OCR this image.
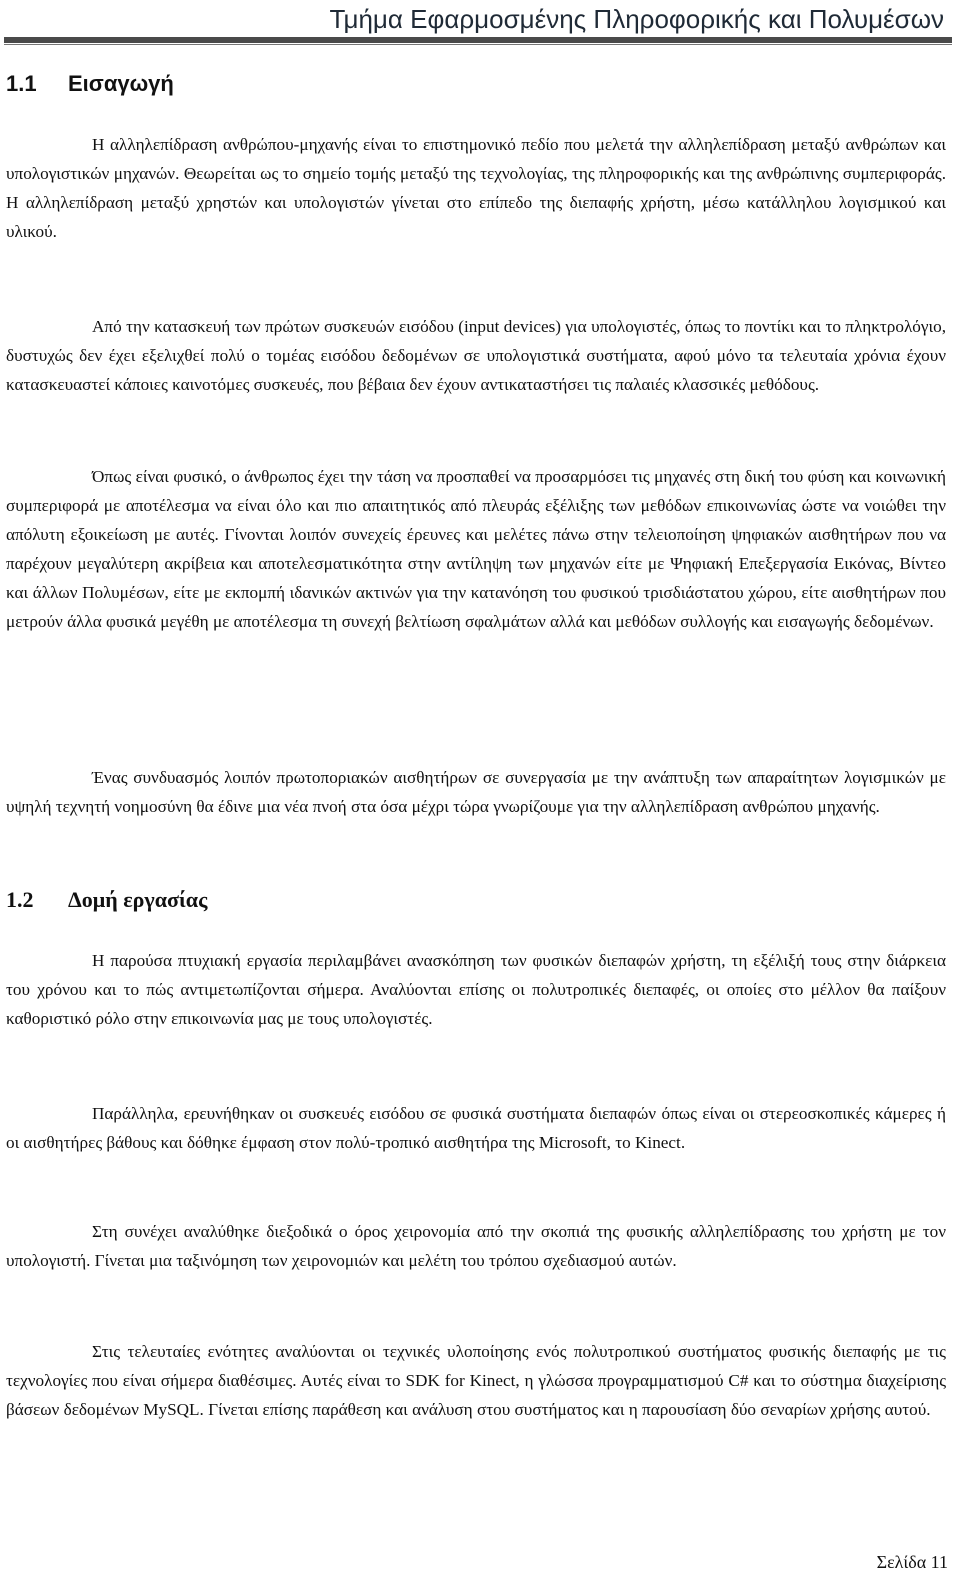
Τμήμα Εφαρμοσμένης Πληροφορικής και Πολυμέσων
1.1 Εισαγωγή

Η αλληλεπίδραση ανθρώπου-μηχανής είναι το επιστημονικό πεδίο που μελετά την αλληλεπίδραση μεταξύ ανθρώπων και υπολογιστικών μηχανών. Θεωρείται ως το σημείο τομής μεταξύ της τεχνολογίας, της πληροφορικής και της ανθρώπινης συμπεριφοράς. Η αλληλεπίδραση μεταξύ χρηστών και υπολογιστών γίνεται στο επίπεδο της διεπαφής χρήστη, μέσω κατάλληλου λογισμικού και υλικού.

Από την κατασκευή των πρώτων συσκευών εισόδου (input devices) για υπολογιστές, όπως το ποντίκι και το πληκτρολόγιο, δυστυχώς δεν έχει εξελιχθεί πολύ ο τομέας εισόδου δεδομένων σε υπολογιστικά συστήματα, αφού μόνο τα τελευταία χρόνια έχουν κατασκευαστεί κάποιες καινοτόμες συσκευές, που βέβαια δεν έχουν αντικαταστήσει τις παλαιές κλασσικές μεθόδους.

Όπως είναι φυσικό, ο άνθρωπος έχει την τάση να προσπαθεί να προσαρμόσει τις μηχανές στη δική του φύση και κοινωνική συμπεριφορά με αποτέλεσμα να είναι όλο και πιο απαιτητικός από πλευράς εξέλιξης των μεθόδων επικοινωνίας ώστε να νοιώθει την απόλυτη εξοικείωση με αυτές. Γίνονται λοιπόν συνεχείς έρευνες και μελέτες πάνω στην τελειοποίηση ψηφιακών αισθητήρων που να παρέχουν μεγαλύτερη ακρίβεια και αποτελεσματικότητα στην αντίληψη των μηχανών είτε με Ψηφιακή Επεξεργασία Εικόνας, Βίντεο και άλλων Πολυμέσων, είτε με εκπομπή ιδανικών ακτινών για την κατανόηση του φυσικού τρισδιάστατου χώρου, είτε αισθητήρων που μετρούν άλλα φυσικά μεγέθη με αποτέλεσμα τη συνεχή βελτίωση σφαλμάτων αλλά και μεθόδων συλλογής και εισαγωγής δεδομένων.

Ένας συνδυασμός λοιπόν πρωτοποριακών αισθητήρων σε συνεργασία με την ανάπτυξη των απαραίτητων λογισμικών με υψηλή τεχνητή νοημοσύνη θα έδινε μια νέα πνοή στα όσα μέχρι τώρα γνωρίζουμε για την αλληλεπίδραση ανθρώπου μηχανής.

1.2 Δομή εργασίας

Η παρούσα πτυχιακή εργασία περιλαμβάνει ανασκόπηση των φυσικών διεπαφών χρήστη, τη εξέλιξή τους στην διάρκεια του χρόνου και το πώς αντιμετωπίζονται σήμερα. Αναλύονται επίσης οι πολυτροπικές διεπαφές, οι οποίες στο μέλλον θα παίξουν καθοριστικό ρόλο στην επικοινωνία μας με τους υπολογιστές.

Παράλληλα, ερευνήθηκαν οι συσκευές εισόδου σε φυσικά συστήματα διεπαφών όπως είναι οι στερεοσκοπικές κάμερες ή οι αισθητήρες βάθους και δόθηκε έμφαση στον πολύ-τροπικό αισθητήρα της Microsoft, το Kinect.

Στη συνέχει αναλύθηκε διεξοδικά ο όρος χειρονομία από την σκοπιά της φυσικής αλληλεπίδρασης του χρήστη με τον υπολογιστή. Γίνεται μια ταξινόμηση των χειρονομιών και μελέτη του τρόπου σχεδιασμού αυτών.

Στις τελευταίες ενότητες αναλύονται οι τεχνικές υλοποίησης ενός πολυτροπικού συστήματος φυσικής διεπαφής με τις τεχνολογίες που είναι σήμερα διαθέσιμες. Αυτές είναι το SDK for Kinect, η γλώσσα προγραμματισμού C# και το σύστημα διαχείρισης βάσεων δεδομένων MySQL. Γίνεται επίσης παράθεση και ανάλυση στου συστήματος και η παρουσίαση δύο σεναρίων χρήσης αυτού.

Σελίδα 11
